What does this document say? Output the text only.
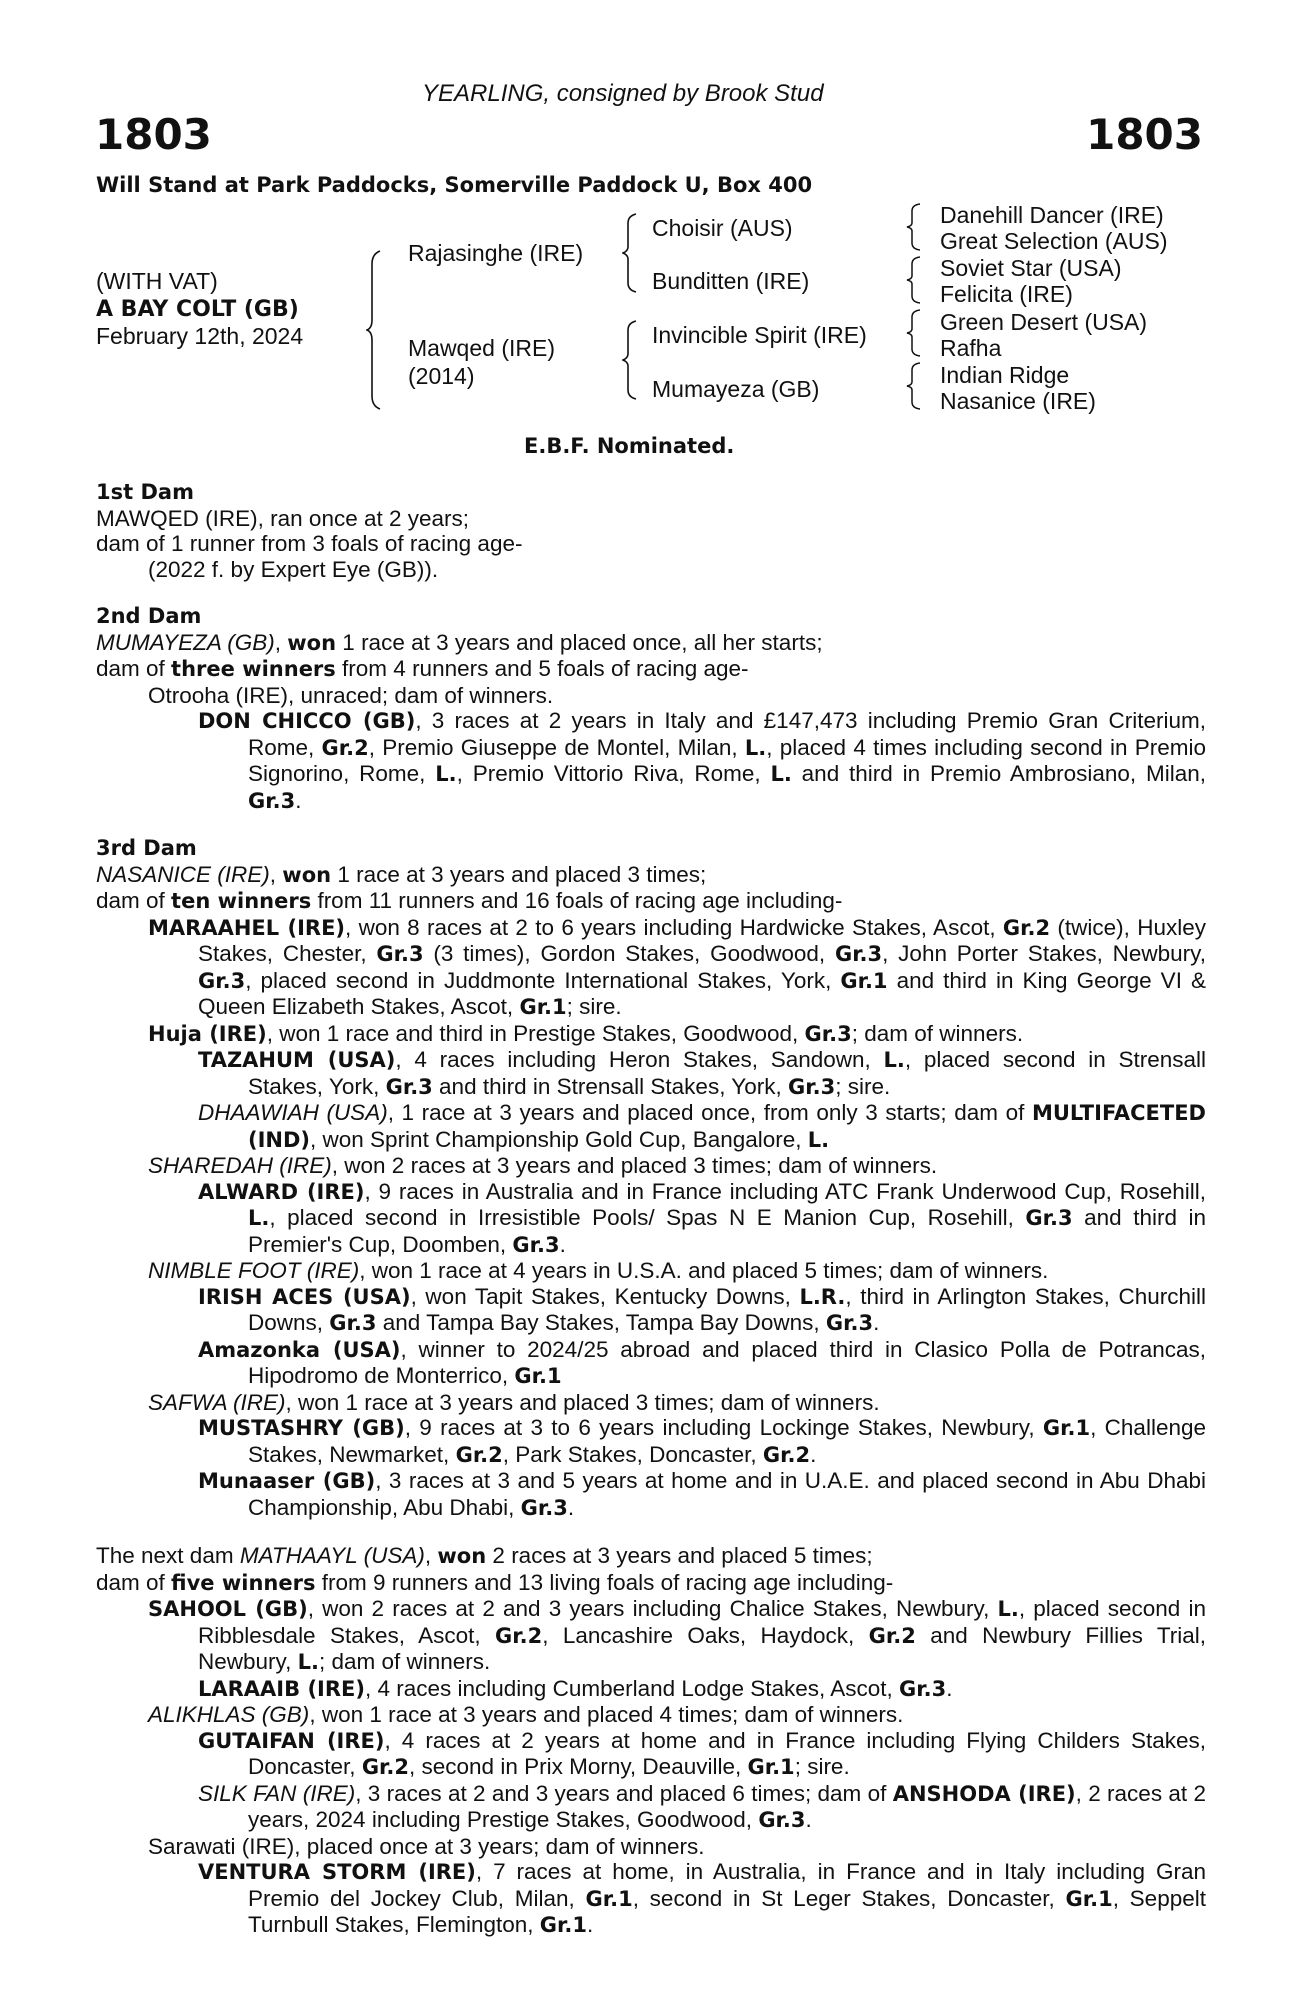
YEARLING, consigned by Brook Stud
1803	1803
Will Stand at Park Paddocks, Somerville Paddock U, Box 400
(WITH VAT)
A BAY COLT (GB)
February 12th, 2024
Rajasinghe (IRE)
Mawqed (IRE)
(2014)
Choisir (AUS)
Bunditten (IRE)
Invincible Spirit (IRE)
Mumayeza (GB)
Danehill Dancer (IRE)
Great Selection (AUS)
Soviet Star (USA)
Felicita (IRE)
Green Desert (USA)
Rafha
Indian Ridge
Nasanice (IRE)
E.B.F. Nominated.

1st Dam

MAWQED (IRE), ran once at 2 years;

dam of 1 runner from 3 foals of racing age-

(2022 f. by Expert Eye (GB)).

2nd Dam

MUMAYEZA (GB), won 1 race at 3 years and placed once, all her starts;

dam of three winners from 4 runners and 5 foals of racing age-

Otrooha (IRE), unraced; dam of winners.

DON CHICCO (GB), 3 races at 2 years in Italy and £147,473 including Premio Gran Criterium, Rome, Gr.2, Premio Giuseppe de Montel, Milan, L., placed 4 times including second in Premio Signorino, Rome, L., Premio Vittorio Riva, Rome, L. and third in Premio Ambrosiano, Milan, Gr.3.

3rd Dam

NASANICE (IRE), won 1 race at 3 years and placed 3 times;

dam of ten winners from 11 runners and 16 foals of racing age including-

MARAAHEL (IRE), won 8 races at 2 to 6 years including Hardwicke Stakes, Ascot, Gr.2 (twice), Huxley Stakes, Chester, Gr.3 (3 times), Gordon Stakes, Goodwood, Gr.3, John Porter Stakes, Newbury, Gr.3, placed second in Juddmonte International Stakes, York, Gr.1 and third in King George VI & Queen Elizabeth Stakes, Ascot, Gr.1; sire.

Huja (IRE), won 1 race and third in Prestige Stakes, Goodwood, Gr.3; dam of winners.

TAZAHUM (USA), 4 races including Heron Stakes, Sandown, L., placed second in Strensall Stakes, York, Gr.3 and third in Strensall Stakes, York, Gr.3; sire.

DHAAWIAH (USA), 1 race at 3 years and placed once, from only 3 starts; dam of MULTIFACETED (IND), won Sprint Championship Gold Cup, Bangalore, L.

SHAREDAH (IRE), won 2 races at 3 years and placed 3 times; dam of winners.

ALWARD (IRE), 9 races in Australia and in France including ATC Frank Underwood Cup, Rosehill, L., placed second in Irresistible Pools/ Spas N E Manion Cup, Rosehill, Gr.3 and third in Premier's Cup, Doomben, Gr.3.

NIMBLE FOOT (IRE), won 1 race at 4 years in U.S.A. and placed 5 times; dam of winners.

IRISH ACES (USA), won Tapit Stakes, Kentucky Downs, L.R., third in Arlington Stakes, Churchill Downs, Gr.3 and Tampa Bay Stakes, Tampa Bay Downs, Gr.3.

Amazonka (USA), winner to 2024/25 abroad and placed third in Clasico Polla de Potrancas, Hipodromo de Monterrico, Gr.1

SAFWA (IRE), won 1 race at 3 years and placed 3 times; dam of winners.

MUSTASHRY (GB), 9 races at 3 to 6 years including Lockinge Stakes, Newbury, Gr.1, Challenge Stakes, Newmarket, Gr.2, Park Stakes, Doncaster, Gr.2.

Munaaser (GB), 3 races at 3 and 5 years at home and in U.A.E. and placed second in Abu Dhabi Championship, Abu Dhabi, Gr.3.

The next dam MATHAAYL (USA), won 2 races at 3 years and placed 5 times;

dam of five winners from 9 runners and 13 living foals of racing age including-

SAHOOL (GB), won 2 races at 2 and 3 years including Chalice Stakes, Newbury, L., placed second in Ribblesdale Stakes, Ascot, Gr.2, Lancashire Oaks, Haydock, Gr.2 and Newbury Fillies Trial, Newbury, L.; dam of winners.

LARAAIB (IRE), 4 races including Cumberland Lodge Stakes, Ascot, Gr.3.

ALIKHLAS (GB), won 1 race at 3 years and placed 4 times; dam of winners.

GUTAIFAN (IRE), 4 races at 2 years at home and in France including Flying Childers Stakes, Doncaster, Gr.2, second in Prix Morny, Deauville, Gr.1; sire.

SILK FAN (IRE), 3 races at 2 and 3 years and placed 6 times; dam of ANSHODA (IRE), 2 races at 2 years, 2024 including Prestige Stakes, Goodwood, Gr.3.

Sarawati (IRE), placed once at 3 years; dam of winners.

VENTURA STORM (IRE), 7 races at home, in Australia, in France and in Italy including Gran Premio del Jockey Club, Milan, Gr.1, second in St Leger Stakes, Doncaster, Gr.1, Seppelt Turnbull Stakes, Flemington, Gr.1.
